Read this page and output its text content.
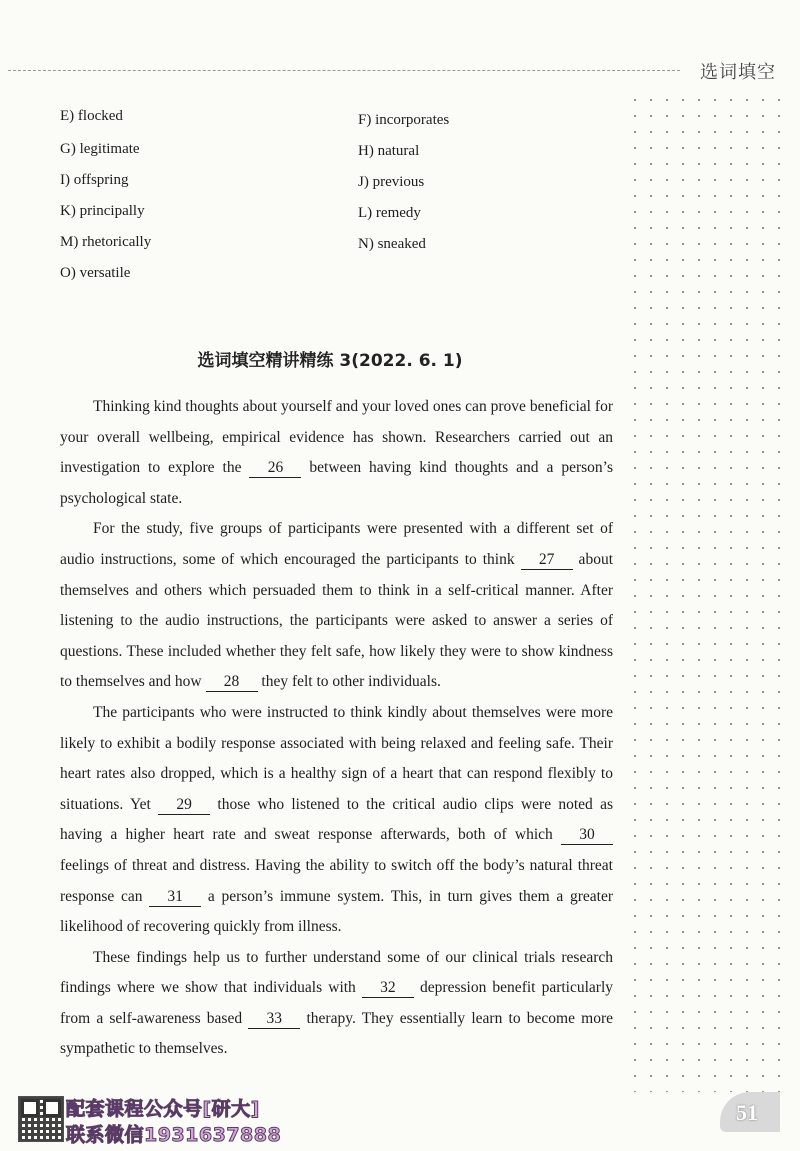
选词填空
E) flocked	F) incorporates
G) legitimate	H) natural
I) offspring	J) previous
K) principally	L) remedy
M) rhetorically	N) sneaked
O) versatile
选词填空精讲精练 3(2022. 6. 1)

Thinking kind thoughts about yourself and your loved ones can prove beneficial for your overall wellbeing, empirical evidence has shown. Researchers carried out an investigation to explore the 26 between having kind thoughts and a person’s psychological state.

For the study, five groups of participants were presented with a different set of audio instructions, some of which encouraged the participants to think 27 about themselves and others which persuaded them to think in a self-critical manner. After listening to the audio instructions, the participants were asked to answer a series of questions. These included whether they felt safe, how likely they were to show kindness to themselves and how 28 they felt to other individuals.

The participants who were instructed to think kindly about themselves were more likely to exhibit a bodily response associated with being relaxed and feeling safe. Their heart rates also dropped, which is a healthy sign of a heart that can respond flexibly to situations. Yet 29 those who listened to the critical audio clips were noted as having a higher heart rate and sweat response afterwards, both of which 30 feelings of threat and distress. Having the ability to switch off the body’s natural threat response can 31 a person’s immune system. This, in turn gives them a greater likelihood of recovering quickly from illness.

These findings help us to further understand some of our clinical trials research findings where we show that individuals with 32 depression benefit particularly from a self-awareness based 33 therapy. They essentially learn to become more sympathetic to themselves.

配套课程公众号[研大]
联系微信1931637888
51
